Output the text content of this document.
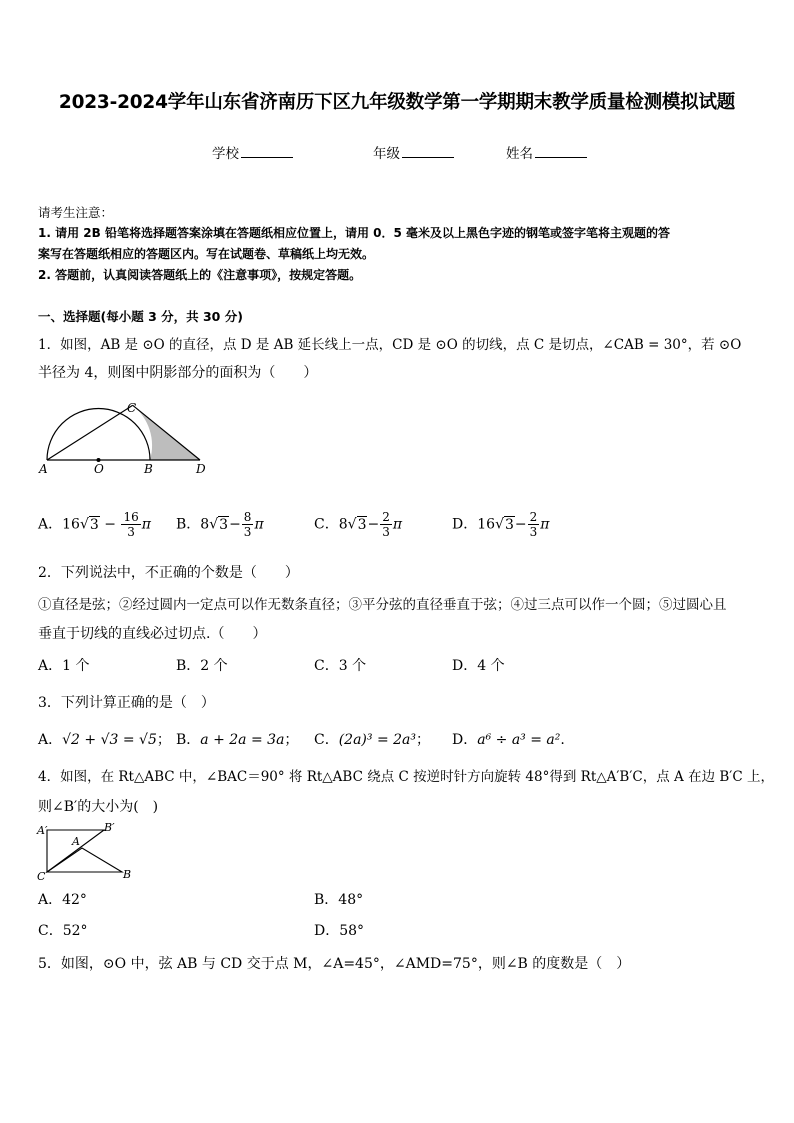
2023-2024学年山东省济南历下区九年级数学第一学期期末教学质量检测模拟试题
学校	年级	姓名
请考生注意：
1. 请用 2B 铅笔将选择题答案涂填在答题纸相应位置上，请用 0．5 毫米及以上黑色字迹的钢笔或签字笔将主观题的答
案写在答题纸相应的答题区内。写在试题卷、草稿纸上均无效。
2. 答题前，认真阅读答题纸上的《注意事项》，按规定答题。
一、选择题(每小题 3 分，共 30 分)
1．如图，AB 是 ⊙O 的直径，点 D 是 AB 延长线上一点，CD 是 ⊙O 的切线，点 C 是切点，∠CAB = 30°，若 ⊙O
半径为 4，则图中阴影部分的面积为（　　）
A	O	B	D
C
A．$16√3 - \frac{16}{3}$ π B．$8√3- \frac{8}{3}$ π	C．$8√3- \frac{2}{3}$ π	D．$16√3- \frac{2}{3}$ π
2．下列说法中，不正确的个数是（　　）
①直径是弦；②经过圆内一定点可以作无数条直径；③平分弦的直径垂直于弦；④过三点可以作一个圆；⑤过圆心且
垂直于切线的直线必过切点.（　　）
A．1 个	B．2 个	C．3 个	D．4 个
3．下列计算正确的是（　）
A．√2 + √3 = √5； B．a + 2a = 3a； C．(2a)³ = 2a³； D．a⁶ ÷ a³ = a².
4．如图，在 Rt△ABC 中，∠BAC＝90° 将 Rt△ABC 绕点 C 按逆时针方向旋转 48°得到 Rt△A′B′C，点 A 在边 B′C 上，
则∠B′的大小为(　)
A′	B′
A
C	B
A．42°	B．48°
C．52°	D．58°
5．如图，⊙O 中，弦 AB 与 CD 交于点 M，∠A=45°，∠AMD=75°，则∠B 的度数是（　）
